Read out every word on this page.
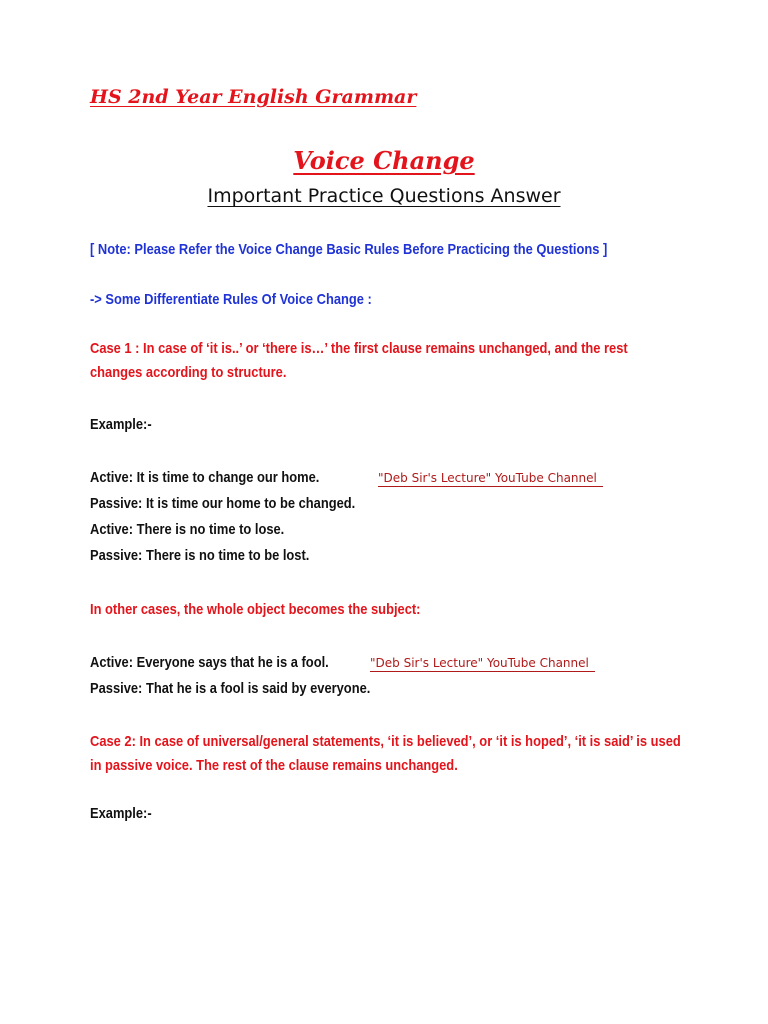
HS 2nd Year English Grammar
Voice Change
Important Practice Questions Answer
[ Note: Please Refer the Voice Change Basic Rules Before Practicing the Questions ]
-> Some Differentiate Rules Of Voice Change :
Case 1 : In case of ‘it is..’ or ‘there is…’ the first clause remains unchanged, and the rest changes according to structure.
Example:-
Active: It is time to change our home.	"Deb Sir's Lecture" YouTube Channel
Passive: It is time our home to be changed.
Active: There is no time to lose.
Passive: There is no time to be lost.
In other cases, the whole object becomes the subject:
Active: Everyone says that he is a fool.	"Deb Sir's Lecture" YouTube Channel
Passive: That he is a fool is said by everyone.
Case 2: In case of universal/general statements, ‘it is believed’, or ‘it is hoped’, ‘it is said’ is used in passive voice. The rest of the clause remains unchanged.
Example:-
